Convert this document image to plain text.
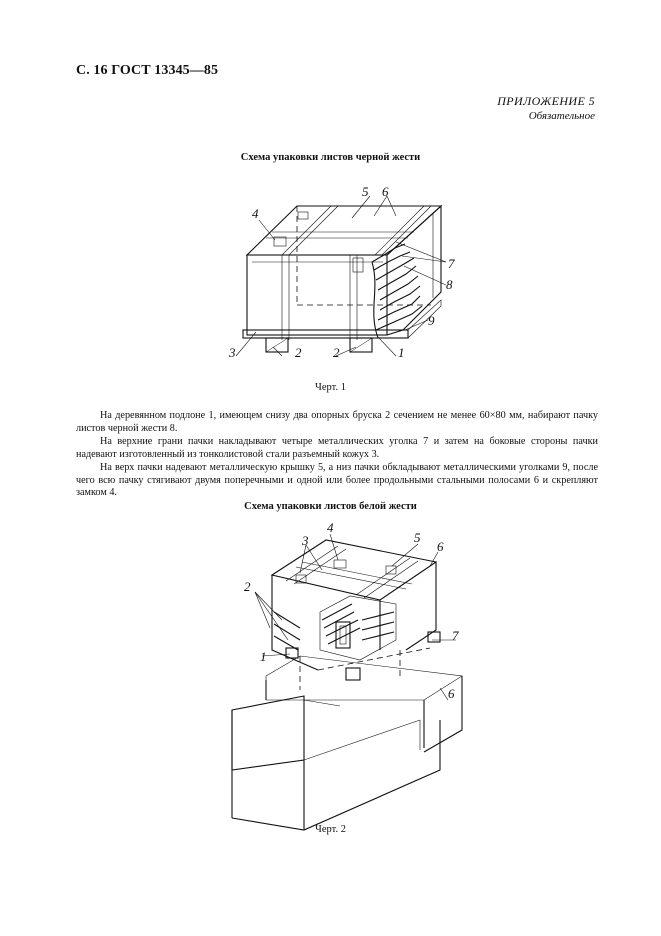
С. 16 ГОСТ 13345—85
ПРИЛОЖЕНИЕ 5
Обязательное
Схема упаковки листов черной жести
4
5 6
7
8
9
3	2 2	1
Черт. 1

На деревянном подлоне 1, имеющем снизу два опорных бруска 2 сечением не менее 60×80 мм, набирают пачку листов черной жести 8.

На верхние грани пачки накладывают четыре металлических уголка 7 и затем на боковые стороны пачки надевают изготовленный из тонколистовой стали разъемный кожух 3.

На верх пачки надевают металлическую крышку 5, а низ пачки обкладывают металлическими уголками 9, после чего всю пачку стягивают двумя поперечными и одной или более продольными стальными полосами 6 и скрепляют замком 4.

Схема упаковки листов белой жести
4
3	5
6
2
7
1
6
Черт. 2
